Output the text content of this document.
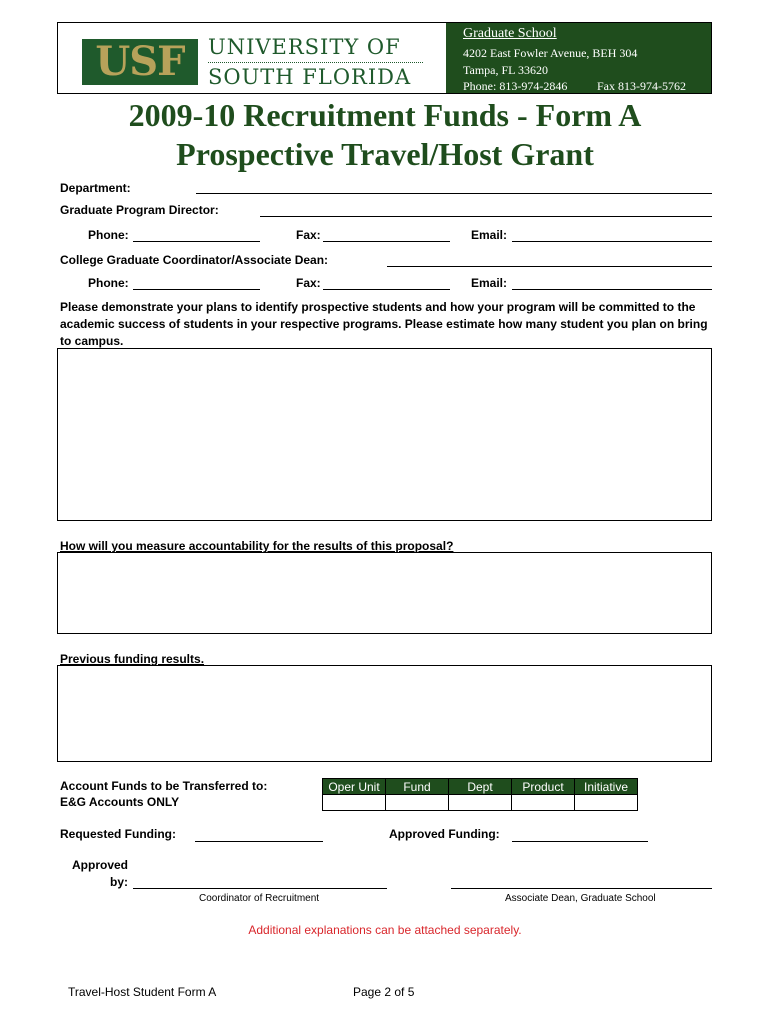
USF	UNIVERSITY OF
SOUTH FLORIDA
Graduate School
4202 East Fowler Avenue, BEH 304
Tampa, FL 33620
Phone: 813-974-2846 Fax 813-974-5762
2009-10 Recruitment Funds - Form A
Prospective Travel/Host Grant
Department:
Graduate Program Director:
Phone:	Fax:	Email:
College Graduate Coordinator/Associate Dean:
Phone:	Fax:	Email:
Please demonstrate your plans to identify prospective students and how your program will be committed to the academic success of students in your respective programs. Please estimate how many student you plan on bring to campus.
How will you measure accountability for the results of this proposal?
Previous funding results.
Account Funds to be Transferred to:
E&G Accounts ONLY
Oper Unit	Fund	Dept	Product	Initiative

Requested Funding:	Approved Funding:
Approved
by:
Coordinator of Recruitment	Associate Dean, Graduate School
Additional explanations can be attached separately.
Travel-Host Student Form A	Page 2 of 5
